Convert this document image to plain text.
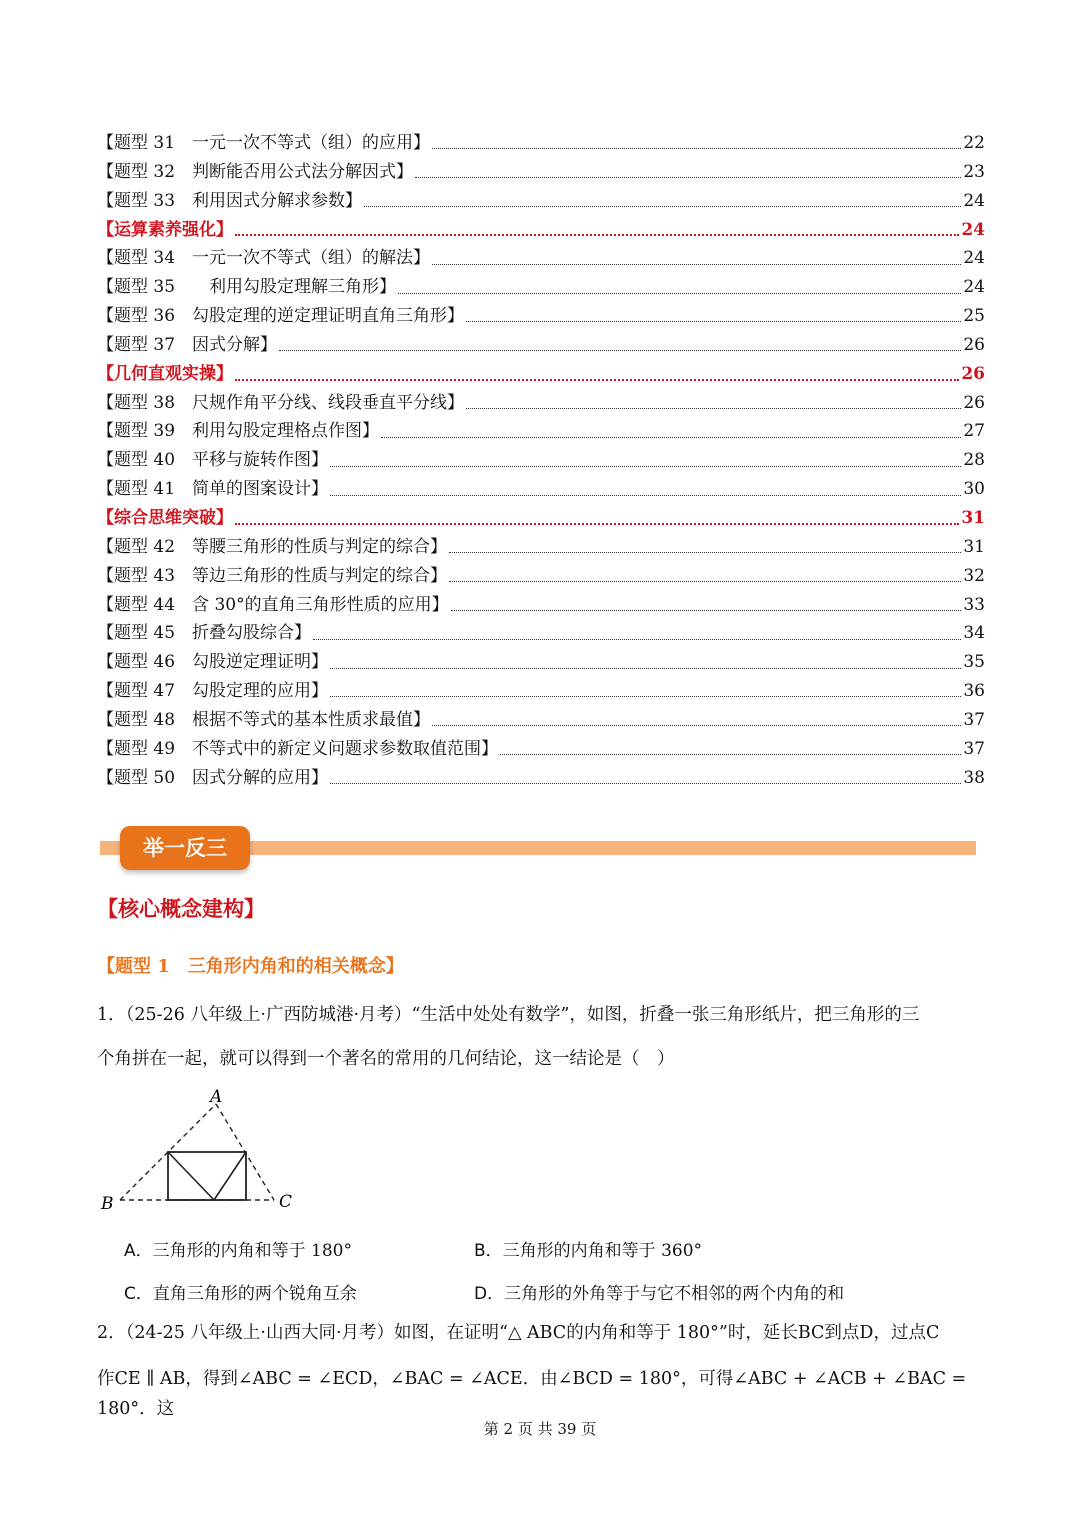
【题型 31　一元一次不等式（组）的应用】	22
【题型 32　判断能否用公式法分解因式】	23
【题型 33　利用因式分解求参数】	24
【运算素养强化】	24
【题型 34　一元一次不等式（组）的解法】	24
【题型 35　　利用勾股定理解三角形】	24
【题型 36　勾股定理的逆定理证明直角三角形】	25
【题型 37　因式分解】	26
【几何直观实操】	26
【题型 38　尺规作角平分线、线段垂直平分线】	26
【题型 39　利用勾股定理格点作图】	27
【题型 40　平移与旋转作图】	28
【题型 41　简单的图案设计】	30
【综合思维突破】	31
【题型 42　等腰三角形的性质与判定的综合】	31
【题型 43　等边三角形的性质与判定的综合】	32
【题型 44　含 30°的直角三角形性质的应用】	33
【题型 45　折叠勾股综合】	34
【题型 46　勾股逆定理证明】	35
【题型 47　勾股定理的应用】	36
【题型 48　根据不等式的基本性质求最值】	37
【题型 49　不等式中的新定义问题求参数取值范围】	37
【题型 50　因式分解的应用】	38
举一反三
【核心概念建构】
【题型 1　三角形内角和的相关概念】
1．（25-26 八年级上·广西防城港·月考）“生活中处处有数学”，如图，折叠一张三角形纸片，把三角形的三
个角拼在一起，就可以得到一个著名的常用的几何结论，这一结论是（　）
A
B	C
A．三角形的内角和等于 180°	B．三角形的内角和等于 360°
C．直角三角形的两个锐角互余	D．三角形的外角等于与它不相邻的两个内角的和
2．（24-25 八年级上·山西大同·月考）如图，在证明“△ ABC的内角和等于 180°”时，延长BC到点D，过点C
作CE ∥ AB，得到∠ABC = ∠ECD，∠BAC = ∠ACE．由∠BCD = 180°，可得∠ABC + ∠ACB + ∠BAC = 180°．这
第 2 页 共 39 页
